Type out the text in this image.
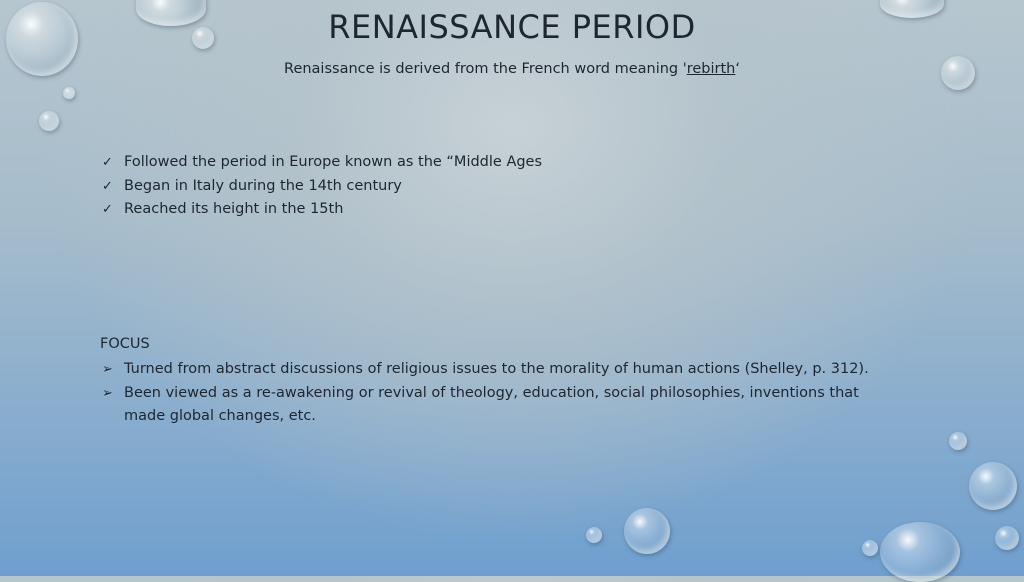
RENAISSANCE PERIOD
Renaissance is derived from the French word meaning 'rebirth‘
✓ Followed the period in Europe known as the “Middle Ages
✓ Began in Italy during the 14th century
✓ Reached its height in the 15th
FOCUS
➢ Turned from abstract discussions of religious issues to the morality of human actions (Shelley, p. 312).
➢ Been viewed as a re-awakening or revival of theology, education, social philosophies, inventions that made global changes, etc.
